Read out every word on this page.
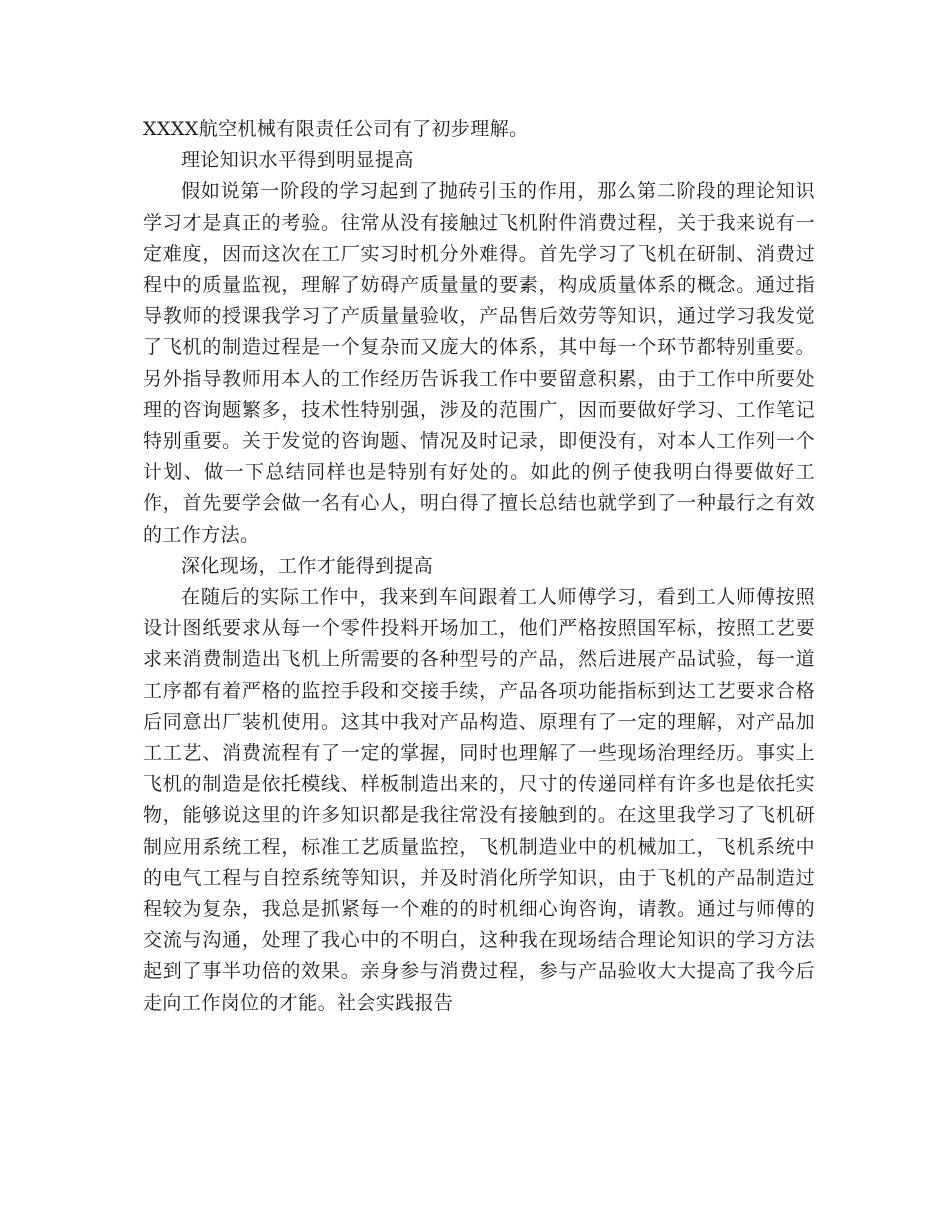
XXXX航空机械有限责任公司有了初步理解。

理论知识水平得到明显提高

假如说第一阶段的学习起到了抛砖引玉的作用，那么第二阶段的理论知识学习才是真正的考验。往常从没有接触过飞机附件消费过程，关于我来说有一定难度，因而这次在工厂实习时机分外难得。首先学习了飞机在研制、消费过程中的质量监视，理解了妨碍产质量量的要素，构成质量体系的概念。通过指导教师的授课我学习了产质量量验收，产品售后效劳等知识，通过学习我发觉了飞机的制造过程是一个复杂而又庞大的体系，其中每一个环节都特别重要。另外指导教师用本人的工作经历告诉我工作中要留意积累，由于工作中所要处理的咨询题繁多，技术性特别强，涉及的范围广，因而要做好学习、工作笔记特别重要。关于发觉的咨询题、情况及时记录，即便没有，对本人工作列一个计划、做一下总结同样也是特别有好处的。如此的例子使我明白得要做好工作，首先要学会做一名有心人，明白得了擅长总结也就学到了一种最行之有效的工作方法。

深化现场，工作才能得到提高

在随后的实际工作中，我来到车间跟着工人师傅学习，看到工人师傅按照设计图纸要求从每一个零件投料开场加工，他们严格按照国军标，按照工艺要求来消费制造出飞机上所需要的各种型号的产品，然后进展产品试验，每一道工序都有着严格的监控手段和交接手续，产品各项功能指标到达工艺要求合格后同意出厂装机使用。这其中我对产品构造、原理有了一定的理解，对产品加工工艺、消费流程有了一定的掌握，同时也理解了一些现场治理经历。事实上飞机的制造是依托模线、样板制造出来的，尺寸的传递同样有许多也是依托实物，能够说这里的许多知识都是我往常没有接触到的。在这里我学习了飞机研制应用系统工程，标准工艺质量监控，飞机制造业中的机械加工，飞机系统中的电气工程与自控系统等知识，并及时消化所学知识，由于飞机的产品制造过程较为复杂，我总是抓紧每一个难的的时机细心询咨询，请教。通过与师傅的交流与沟通，处理了我心中的不明白，这种我在现场结合理论知识的学习方法起到了事半功倍的效果。亲身参与消费过程，参与产品验收大大提高了我今后走向工作岗位的才能。社会实践报告
